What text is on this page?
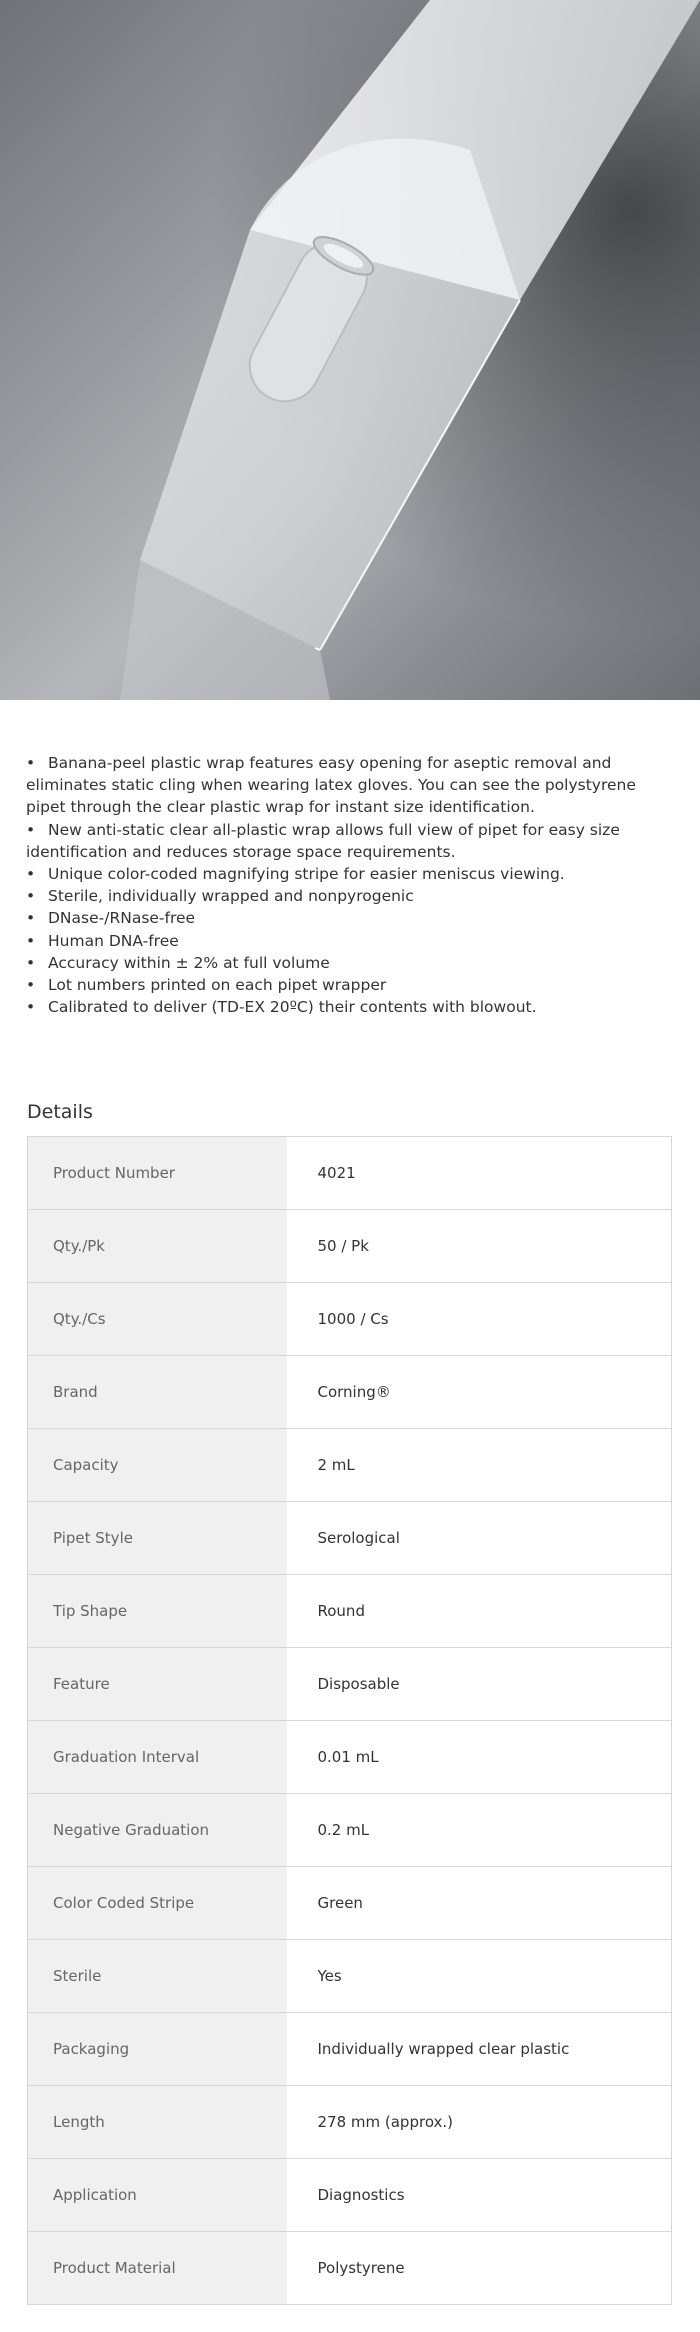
• Banana-peel plastic wrap features easy opening for aseptic removal and eliminates static cling when wearing latex gloves. You can see the polystyrene pipet through the clear plastic wrap for instant size identification.
• New anti-static clear all-plastic wrap allows full view of pipet for easy size identification and reduces storage space requirements.
• Unique color-coded magnifying stripe for easier meniscus viewing.
• Sterile, individually wrapped and nonpyrogenic
• DNase-/RNase-free
• Human DNA-free
• Accuracy within ± 2% at full volume
• Lot numbers printed on each pipet wrapper
• Calibrated to deliver (TD-EX 20ºC) their contents with blowout.
Details
Product Number	4021
Qty./Pk	50 / Pk
Qty./Cs	1000 / Cs
Brand	Corning®
Capacity	2 mL
Pipet Style	Serological
Tip Shape	Round
Feature	Disposable
Graduation Interval	0.01 mL
Negative Graduation	0.2 mL
Color Coded Stripe	Green
Sterile	Yes
Packaging	Individually wrapped clear plastic
Length	278 mm (approx.)
Application	Diagnostics
Product Material	Polystyrene
